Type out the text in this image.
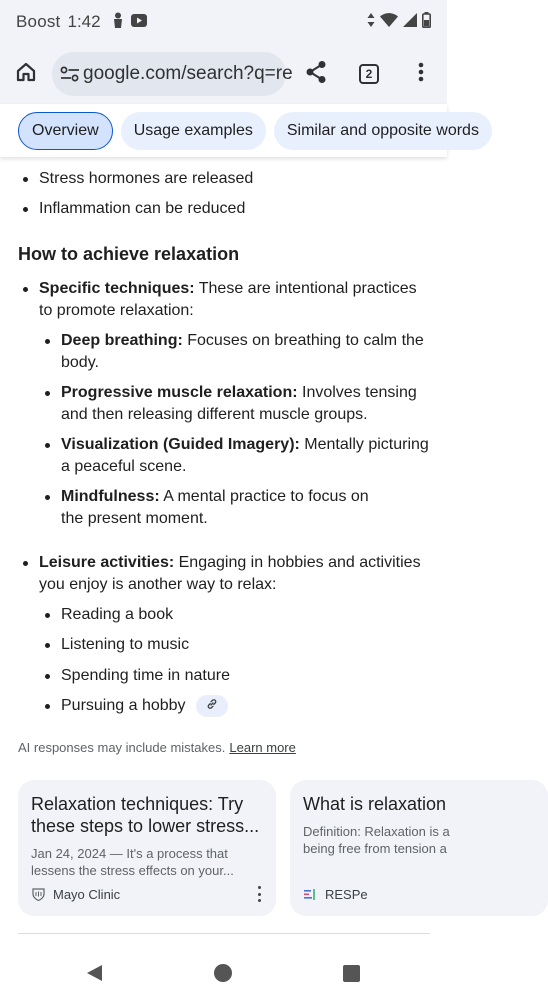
Boost 1:42
google.com/search?q=re	2
Overview	Usage examples	Similar and opposite words
Stress hormones are released
Inflammation can be reduced
How to achieve relaxation
Specific techniques: These are intentional practices to promote relaxation:
Deep breathing: Focuses on breathing to calm the body.
Progressive muscle relaxation: Involves tensing and then releasing different muscle groups.
Visualization (Guided Imagery): Mentally picturing a peaceful scene.
Mindfulness: A mental practice to focus on the present moment.
Leisure activities: Engaging in hobbies and activities you enjoy is another way to relax:
Reading a book
Listening to music
Spending time in nature
Pursuing a hobby
AI responses may include mistakes. Learn more
Relaxation techniques: Try these steps to lower stress...
Jan 24, 2024 — It's a process that lessens the stress effects on your...
Mayo Clinic
What is relaxation
Definition: Relaxation is a being free from tension a
RESPe
